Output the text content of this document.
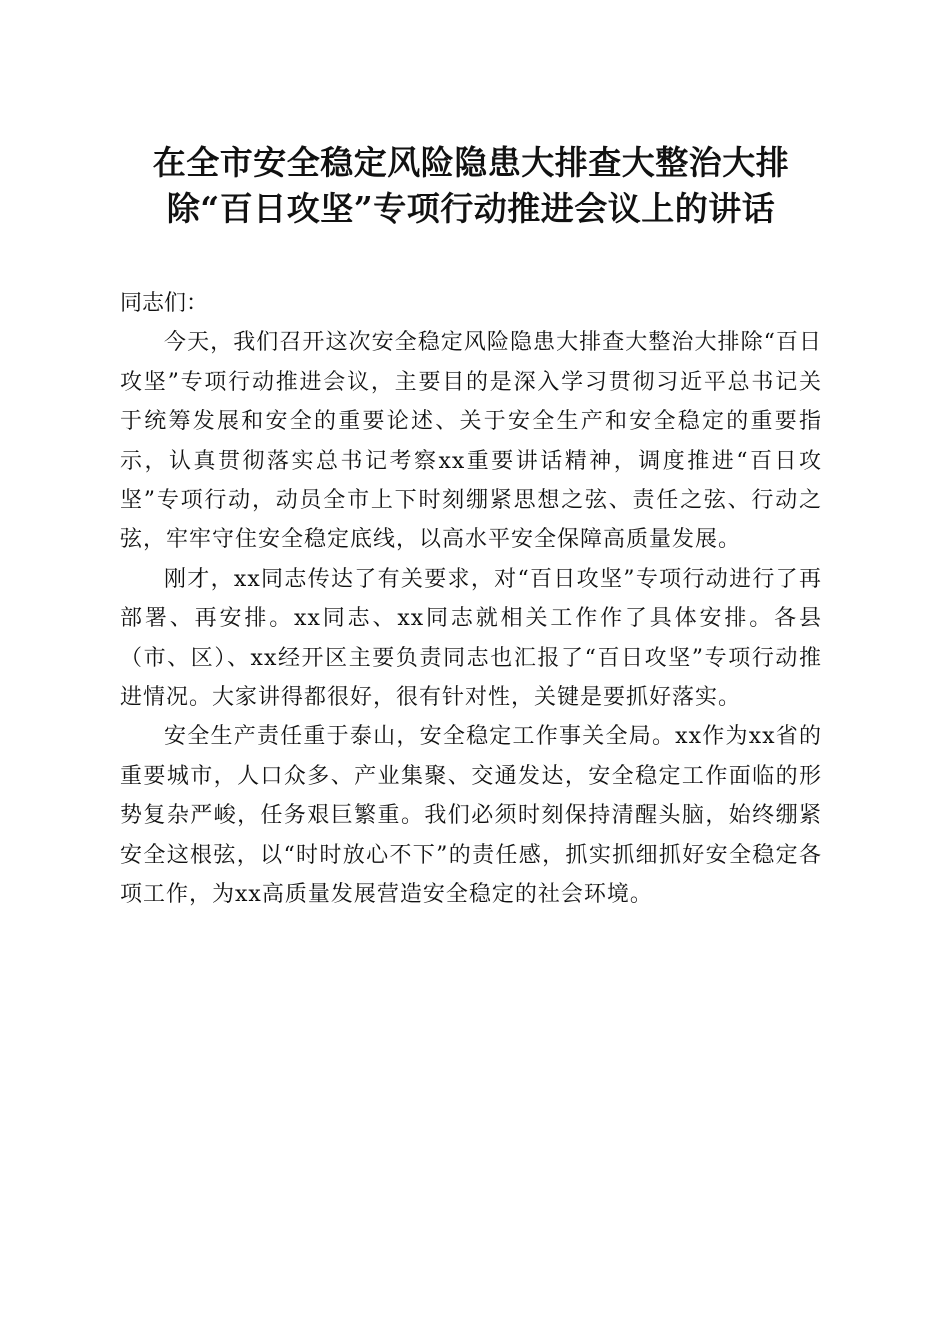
在全市安全稳定风险隐患大排查大整治大排
除“百日攻坚”专项行动推进会议上的讲话

同志们：

今天，我们召开这次安全稳定风险隐患大排查大整治大排除“百日攻坚”专项行动推进会议，主要目的是深入学习贯彻习近平总书记关于统筹发展和安全的重要论述、关于安全生产和安全稳定的重要指示，认真贯彻落实总书记考察xx重要讲话精神，调度推进“百日攻坚”专项行动，动员全市上下时刻绷紧思想之弦、责任之弦、行动之弦，牢牢守住安全稳定底线，以高水平安全保障高质量发展。

刚才，xx同志传达了有关要求，对“百日攻坚”专项行动进行了再部署、再安排。xx同志、xx同志就相关工作作了具体安排。各县（市、区）、xx经开区主要负责同志也汇报了“百日攻坚”专项行动推进情况。大家讲得都很好，很有针对性，关键是要抓好落实。

安全生产责任重于泰山，安全稳定工作事关全局。xx作为xx省的重要城市，人口众多、产业集聚、交通发达，安全稳定工作面临的形势复杂严峻，任务艰巨繁重。我们必须时刻保持清醒头脑，始终绷紧安全这根弦，以“时时放心不下”的责任感，抓实抓细抓好安全稳定各项工作，为xx高质量发展营造安全稳定的社会环境。
